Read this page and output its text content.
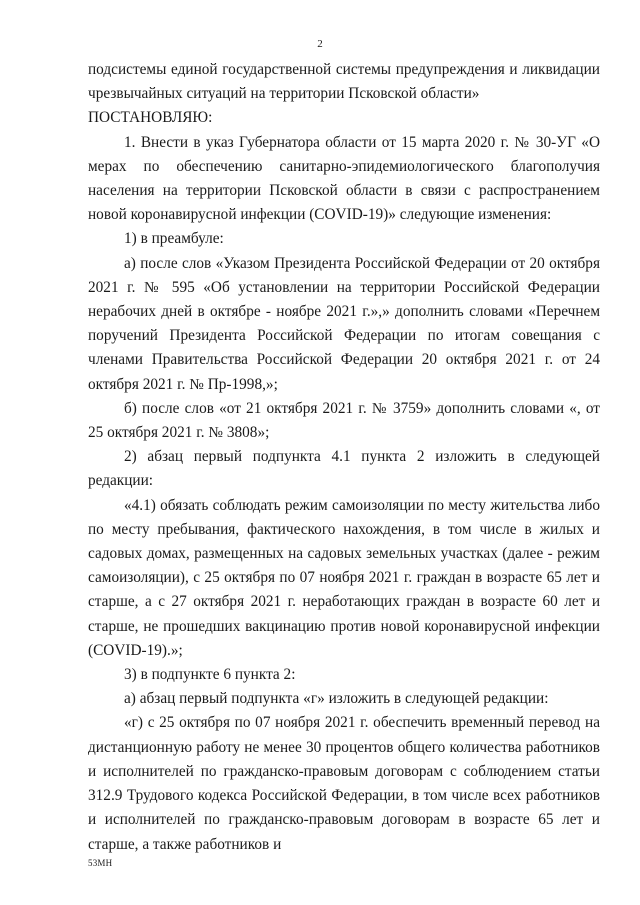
2

подсистемы единой государственной системы предупреждения и ликвидации чрезвычайных ситуаций на территории Псковской области»

ПОСТАНОВЛЯЮ:

1. Внести в указ Губернатора области от 15 марта 2020 г. № 30-УГ «О мерах по обеспечению санитарно-эпидемиологического благополучия населения на территории Псковской области в связи с распространением новой коронавирусной инфекции (COVID-19)» следующие изменения:

1) в преамбуле:

а) после слов «Указом Президента Российской Федерации от 20 октября 2021 г. № 595 «Об установлении на территории Российской Федерации нерабочих дней в октябре - ноябре 2021 г.»,» дополнить словами «Перечнем поручений Президента Российской Федерации по итогам совещания с членами Правительства Российской Федерации 20 октября 2021 г. от 24 октября 2021 г. № Пр-1998,»;

б) после слов «от 21 октября 2021 г. № 3759» дополнить словами «, от 25 октября 2021 г. № 3808»;

2) абзац первый подпункта 4.1 пункта 2 изложить в следующей редакции:

«4.1) обязать соблюдать режим самоизоляции по месту жительства либо по месту пребывания, фактического нахождения, в том числе в жилых и садовых домах, размещенных на садовых земельных участках (далее - режим самоизоляции), с 25 октября по 07 ноября 2021 г. граждан в возрасте 65 лет и старше, а с 27 октября 2021 г. неработающих граждан в возрасте 60 лет и старше, не прошедших вакцинацию против новой коронавирусной инфекции (COVID-19).»;

3) в подпункте 6 пункта 2:

а) абзац первый подпункта «г» изложить в следующей редакции:

«г) с 25 октября по 07 ноября 2021 г. обеспечить временный перевод на дистанционную работу не менее 30 процентов общего количества работников и исполнителей по гражданско-правовым договорам с соблюдением статьи 312.9 Трудового кодекса Российской Федерации, в том числе всех работников и исполнителей по гражданско-правовым договорам в возрасте 65 лет и старше, а также работников и

53МН
